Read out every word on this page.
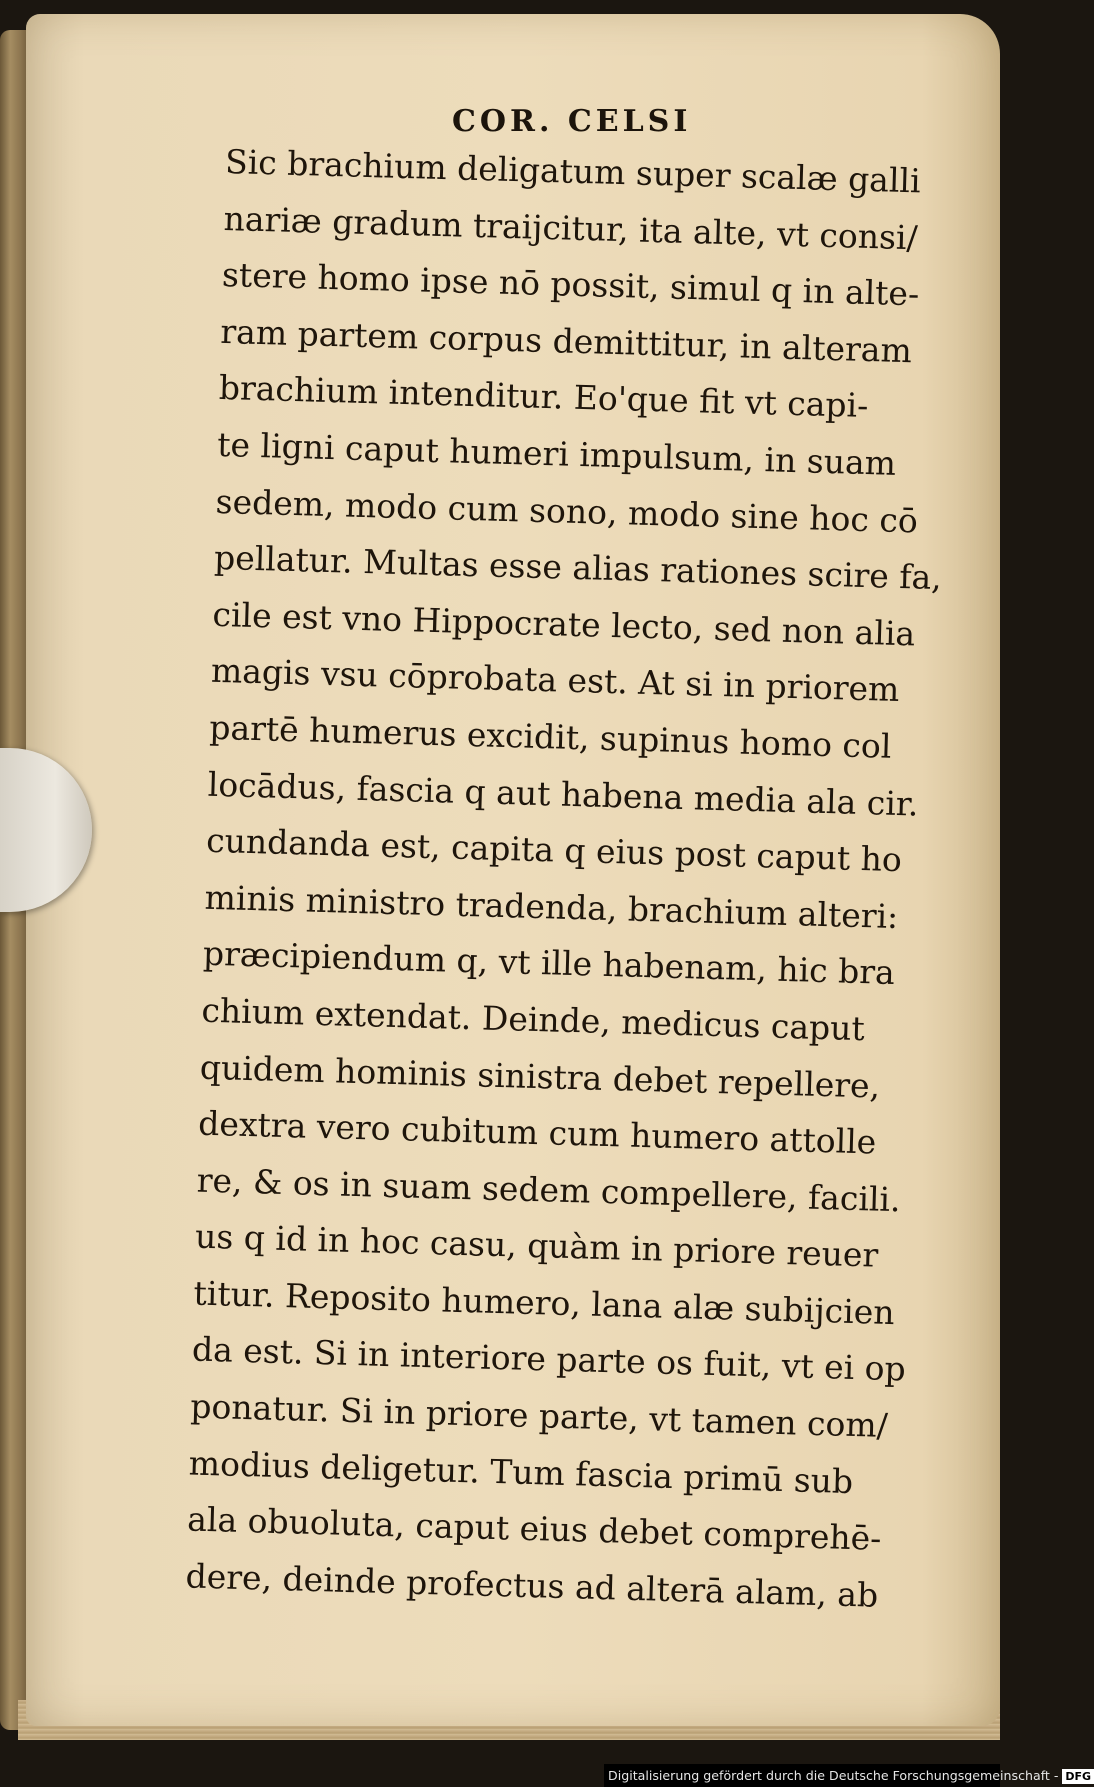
COR. CELSI
Sic brachium deligatum super scalæ galli
nariæ gradum traijcitur, ita alte, vt consi/
stere homo ipse nō possit, simul q in alte-
ram partem corpus demittitur, in alteram
brachium intenditur. Eo'que fit vt capi-
te ligni caput humeri impulsum, in suam
sedem, modo cum sono, modo sine hoc cō
pellatur. Multas esse alias rationes scire fa,
cile est vno Hippocrate lecto, sed non alia
magis vsu cōprobata est. At si in priorem
partē humerus excidit, supinus homo col
locādus, fascia q aut habena media ala cir.
cundanda est, capita q eius post caput ho
minis ministro tradenda, brachium alteri:
præcipiendum q, vt ille habenam, hic bra
chium extendat. Deinde, medicus caput
quidem hominis sinistra debet repellere,
dextra vero cubitum cum humero attolle
re, & os in suam sedem compellere, facili.
us q id in hoc casu, quàm in priore reuer
titur. Reposito humero, lana alæ subijcien
da est. Si in interiore parte os fuit, vt ei op
ponatur. Si in priore parte, vt tamen com/
modius deligetur. Tum fascia primū sub
ala obuoluta, caput eius debet comprehē-
dere, deinde profectus ad alterā alam, ab
Digitalisierung gefördert durch die Deutsche Forschungsgemeinschaft - DFG
